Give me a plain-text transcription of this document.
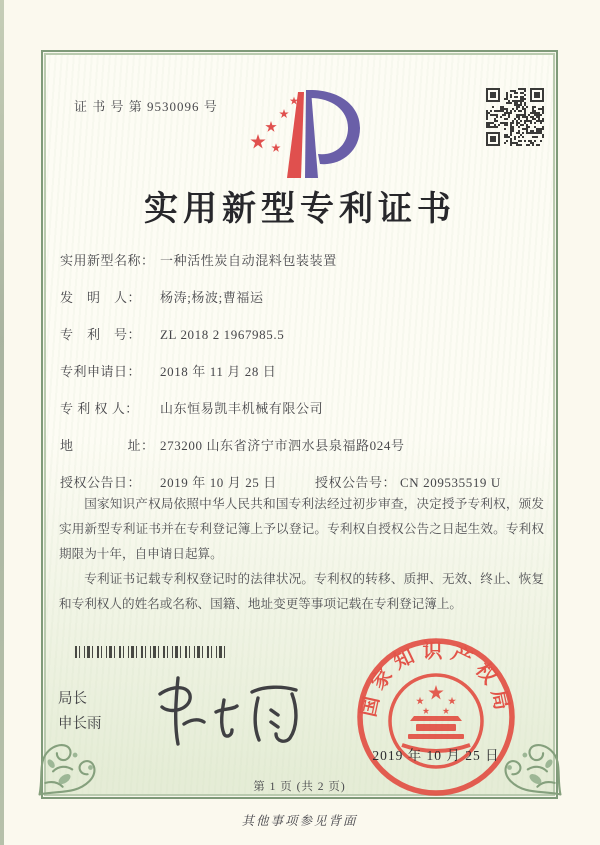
证 书 号 第 9530096 号
实用新型专利证书
实用新型名称： 一种活性炭自动混料包装装置
发　明　人： 杨涛;杨波;曹福运
专　利　号： ZL 2018 2 1967985.5
专利申请日： 2018 年 11 月 28 日
专 利 权 人： 山东恒易凯丰机械有限公司
地　　　　址： 273200 山东省济宁市泗水县泉福路024号
授权公告日： 2019 年 10 月 25 日	授权公告号： CN 209535519 U

国家知识产权局依照中华人民共和国专利法经过初步审查，决定授予专利权，颁发实用新型专利证书并在专利登记簿上予以登记。专利权自授权公告之日起生效。专利权期限为十年，自申请日起算。

专利证书记载专利权登记时的法律状况。专利权的转移、质押、无效、终止、恢复和专利权人的姓名或名称、国籍、地址变更等事项记载在专利登记簿上。

局长
申长雨
国家知识产权局
2019 年 10 月 25 日
第 1 页 (共 2 页)
其他事项参见背面
